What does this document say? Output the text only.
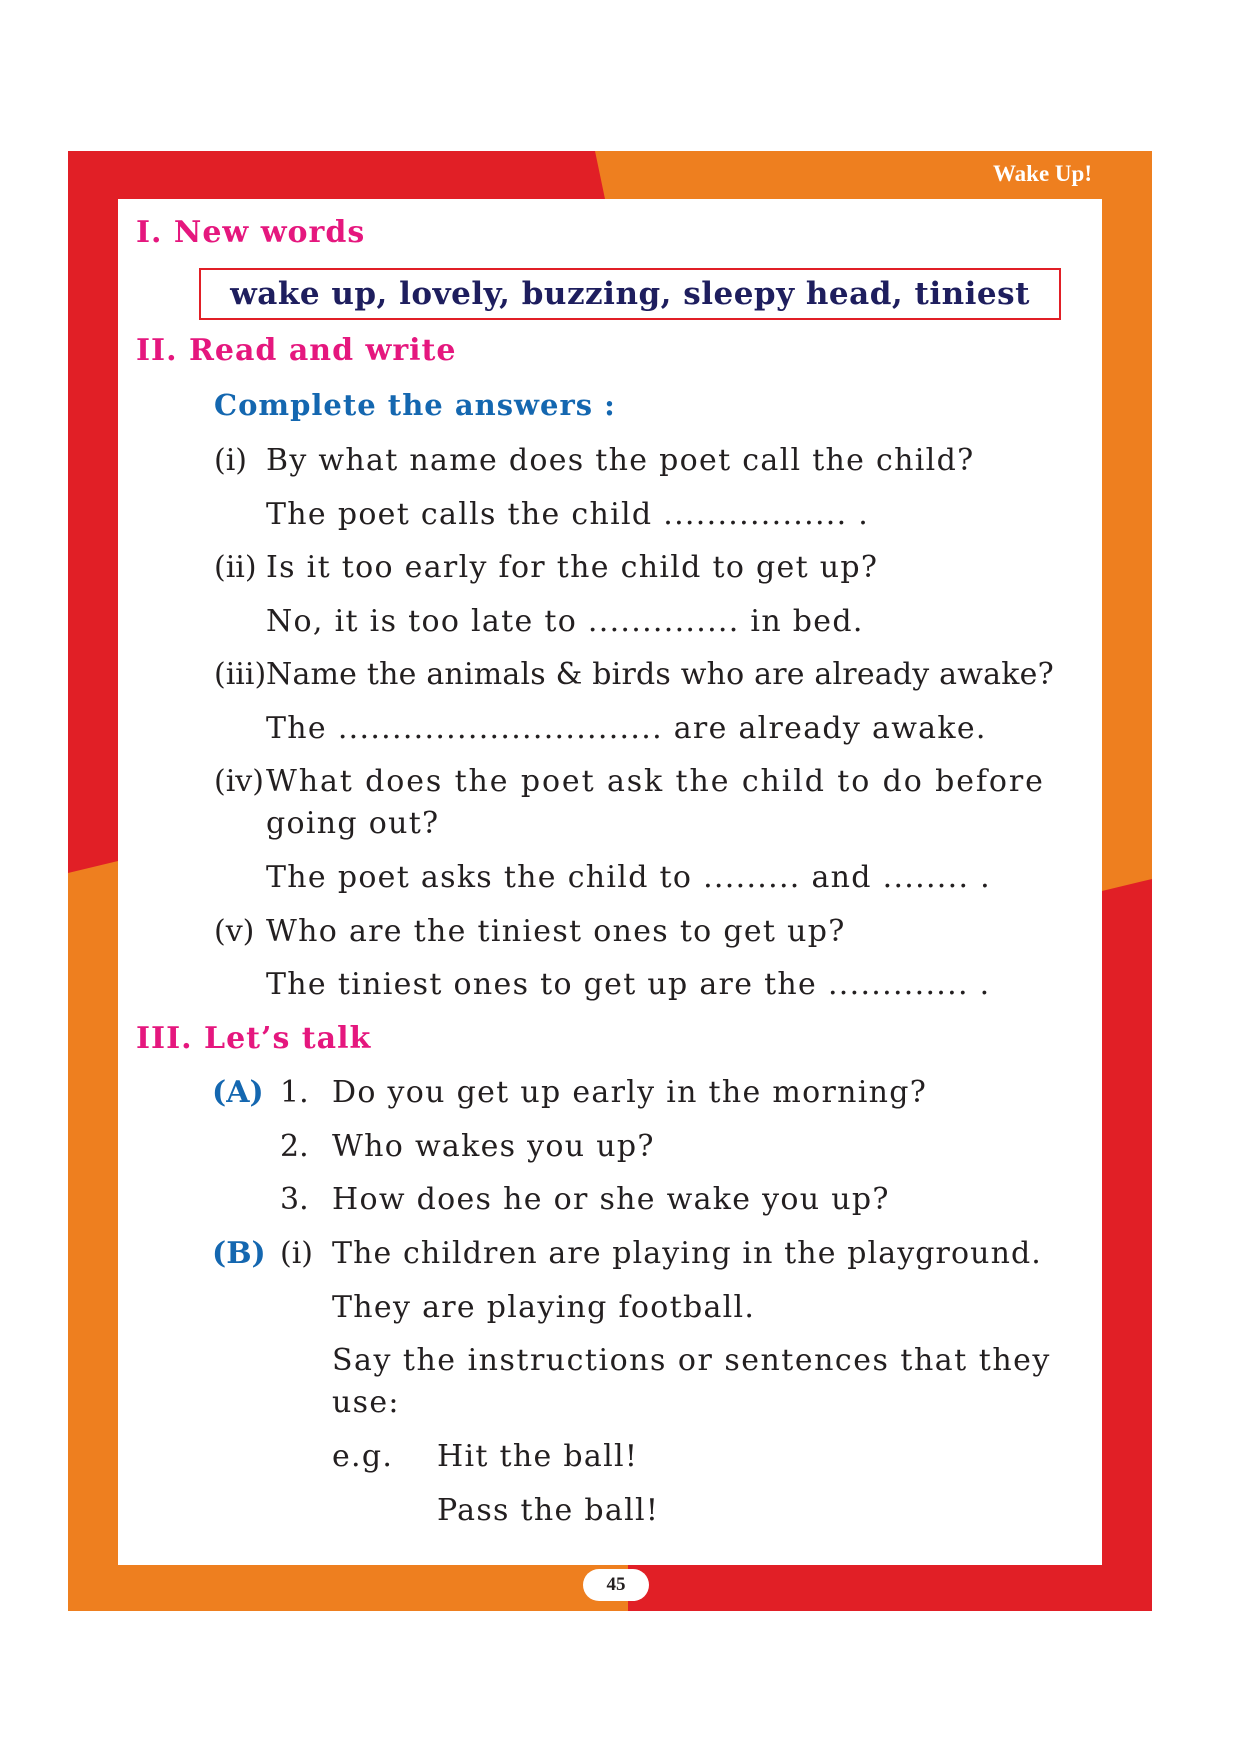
Wake Up!
45
I. New words
wake up, lovely, buzzing, sleepy head, tiniest
II. Read and write
Complete the answers :
(i) By what name does the poet call the child?
The poet calls the child ................. .
(ii) Is it too early for the child to get up?
No, it is too late to .............. in bed.
(iii) Name the animals & birds who are already awake?
The .............................. are already awake.
(iv) What does the poet ask the child to do before
going out?
The poet asks the child to ......... and ........ .
(v) Who are the tiniest ones to get up?
The tiniest ones to get up are the ............. .
III. Let’s talk
(A) 1. Do you get up early in the morning?
2. Who wakes you up?
3. How does he or she wake you up?
(B) (i) The children are playing in the playground.
They are playing football.
Say the instructions or sentences that they
use:
e.g. Hit the ball!
Pass the ball!
